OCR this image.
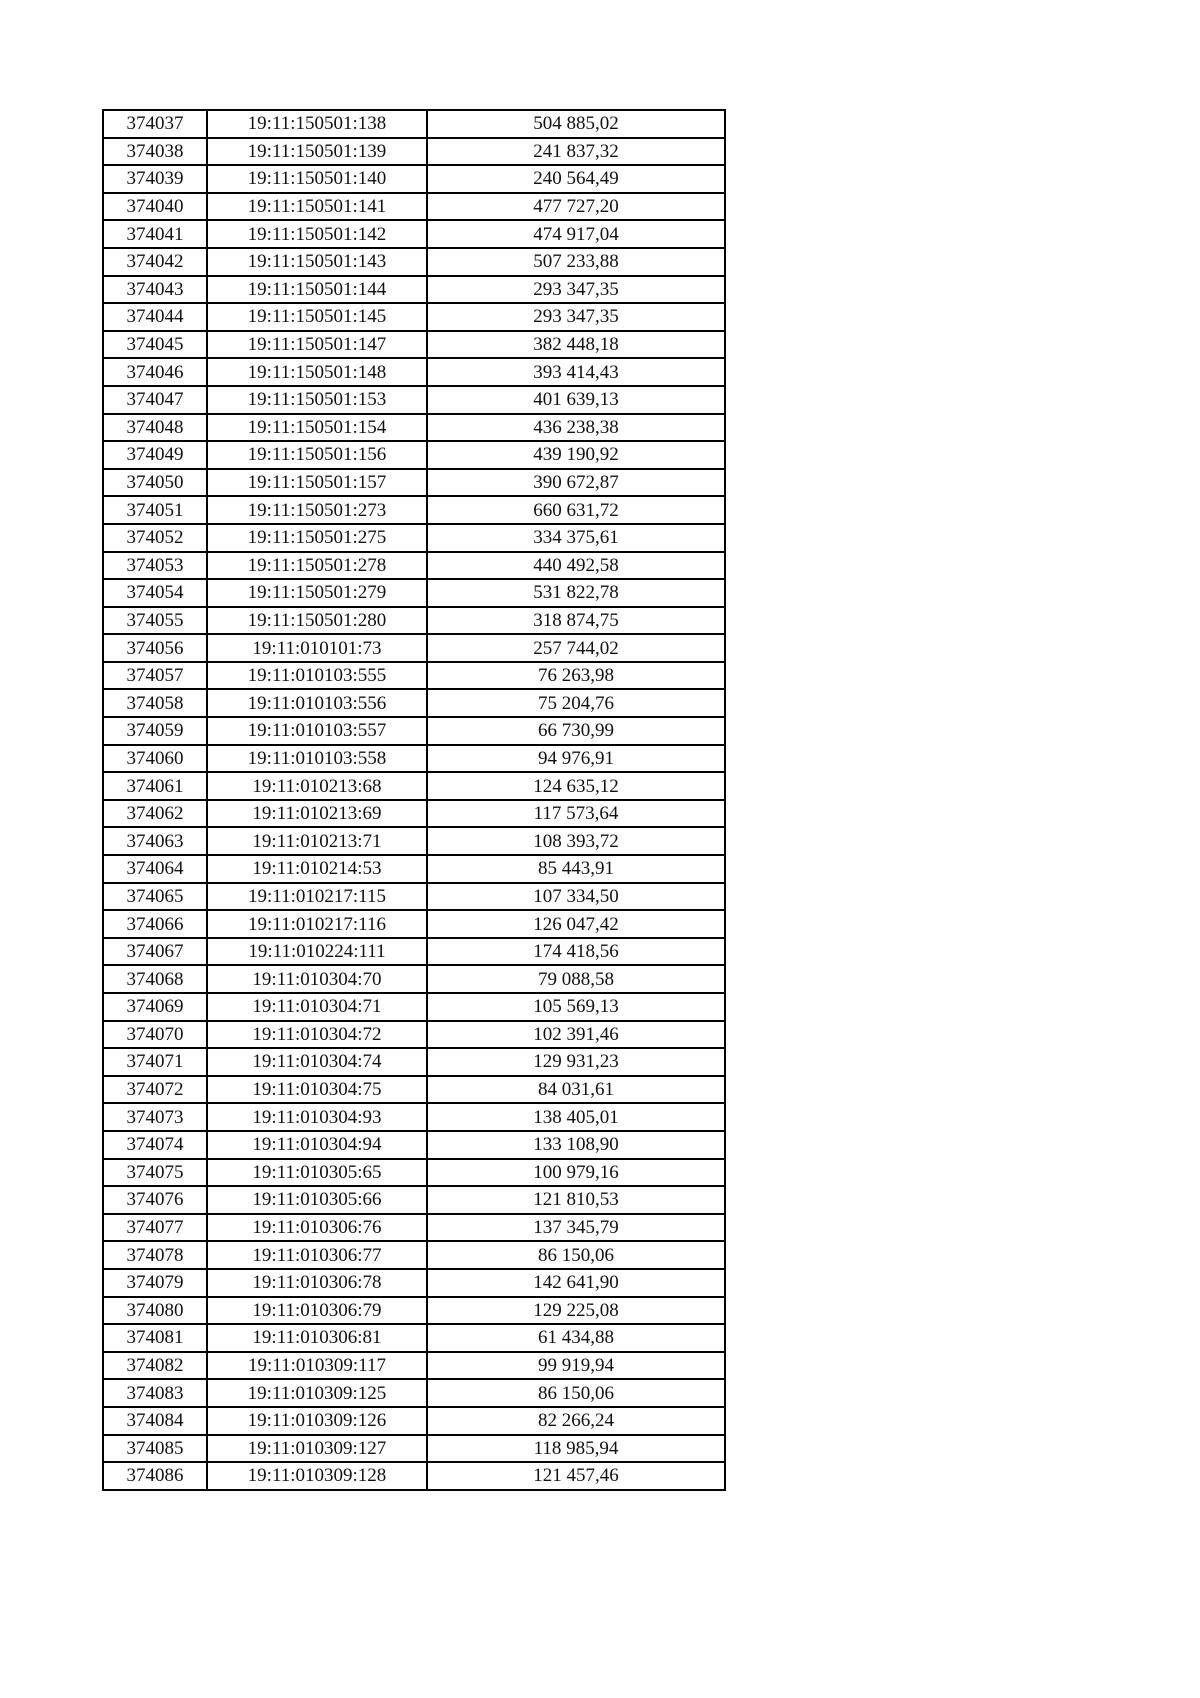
374037	19:11:150501:138	504 885,02
374038	19:11:150501:139	241 837,32
374039	19:11:150501:140	240 564,49
374040	19:11:150501:141	477 727,20
374041	19:11:150501:142	474 917,04
374042	19:11:150501:143	507 233,88
374043	19:11:150501:144	293 347,35
374044	19:11:150501:145	293 347,35
374045	19:11:150501:147	382 448,18
374046	19:11:150501:148	393 414,43
374047	19:11:150501:153	401 639,13
374048	19:11:150501:154	436 238,38
374049	19:11:150501:156	439 190,92
374050	19:11:150501:157	390 672,87
374051	19:11:150501:273	660 631,72
374052	19:11:150501:275	334 375,61
374053	19:11:150501:278	440 492,58
374054	19:11:150501:279	531 822,78
374055	19:11:150501:280	318 874,75
374056	19:11:010101:73	257 744,02
374057	19:11:010103:555	76 263,98
374058	19:11:010103:556	75 204,76
374059	19:11:010103:557	66 730,99
374060	19:11:010103:558	94 976,91
374061	19:11:010213:68	124 635,12
374062	19:11:010213:69	117 573,64
374063	19:11:010213:71	108 393,72
374064	19:11:010214:53	85 443,91
374065	19:11:010217:115	107 334,50
374066	19:11:010217:116	126 047,42
374067	19:11:010224:111	174 418,56
374068	19:11:010304:70	79 088,58
374069	19:11:010304:71	105 569,13
374070	19:11:010304:72	102 391,46
374071	19:11:010304:74	129 931,23
374072	19:11:010304:75	84 031,61
374073	19:11:010304:93	138 405,01
374074	19:11:010304:94	133 108,90
374075	19:11:010305:65	100 979,16
374076	19:11:010305:66	121 810,53
374077	19:11:010306:76	137 345,79
374078	19:11:010306:77	86 150,06
374079	19:11:010306:78	142 641,90
374080	19:11:010306:79	129 225,08
374081	19:11:010306:81	61 434,88
374082	19:11:010309:117	99 919,94
374083	19:11:010309:125	86 150,06
374084	19:11:010309:126	82 266,24
374085	19:11:010309:127	118 985,94
374086	19:11:010309:128	121 457,46
